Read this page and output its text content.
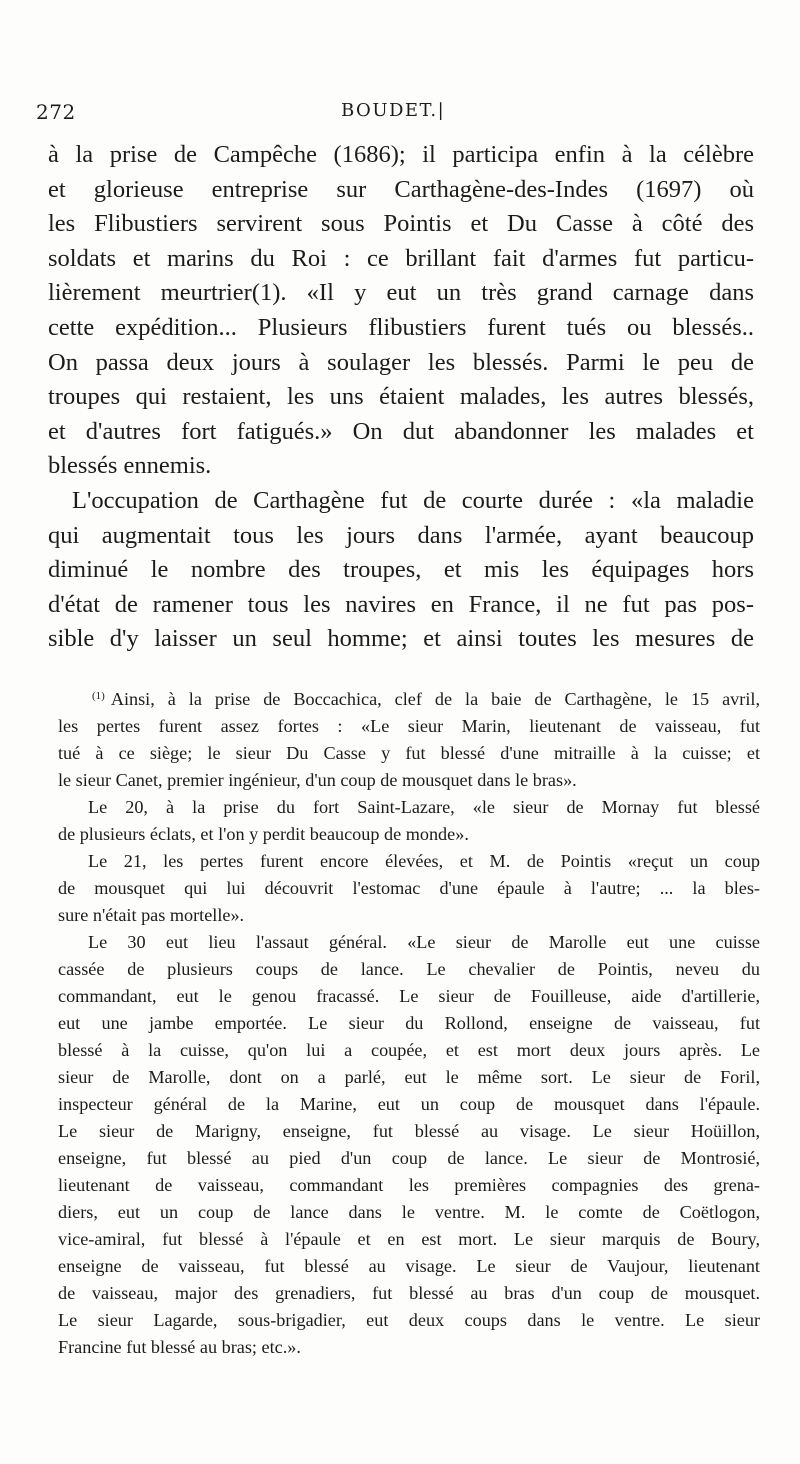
272	BOUDET.|
à la prise de Campêche (1686); il participa enfin à la célèbre
et glorieuse entreprise sur Carthagène-des-Indes (1697) où
les Flibustiers servirent sous Pointis et Du Casse à côté des
soldats et marins du Roi : ce brillant fait d'armes fut particu-
lièrement meurtrier(1). «Il y eut un très grand carnage dans
cette expédition... Plusieurs flibustiers furent tués ou blessés..
On passa deux jours à soulager les blessés. Parmi le peu de
troupes qui restaient, les uns étaient malades, les autres blessés,
et d'autres fort fatigués.» On dut abandonner les malades et
blessés ennemis.
L'occupation de Carthagène fut de courte durée : «la maladie
qui augmentait tous les jours dans l'armée, ayant beaucoup
diminué le nombre des troupes, et mis les équipages hors
d'état de ramener tous les navires en France, il ne fut pas pos-
sible d'y laisser un seul homme; et ainsi toutes les mesures de
$^{(1)}$ Ainsi, à la prise de Boccachica, clef de la baie de Carthagène, le 15 avril,
les pertes furent assez fortes : «Le sieur Marin, lieutenant de vaisseau, fut
tué à ce siège; le sieur Du Casse y fut blessé d'une mitraille à la cuisse; et
le sieur Canet, premier ingénieur, d'un coup de mousquet dans le bras».
Le 20, à la prise du fort Saint-Lazare, «le sieur de Mornay fut blessé
de plusieurs éclats, et l'on y perdit beaucoup de monde».
Le 21, les pertes furent encore élevées, et M. de Pointis «reçut un coup
de mousquet qui lui découvrit l'estomac d'une épaule à l'autre; ... la bles-
sure n'était pas mortelle».
Le 30 eut lieu l'assaut général. «Le sieur de Marolle eut une cuisse
cassée de plusieurs coups de lance. Le chevalier de Pointis, neveu du
commandant, eut le genou fracassé. Le sieur de Fouilleuse, aide d'artillerie,
eut une jambe emportée. Le sieur du Rollond, enseigne de vaisseau, fut
blessé à la cuisse, qu'on lui a coupée, et est mort deux jours après. Le
sieur de Marolle, dont on a parlé, eut le même sort. Le sieur de Foril,
inspecteur général de la Marine, eut un coup de mousquet dans l'épaule.
Le sieur de Marigny, enseigne, fut blessé au visage. Le sieur Hoüillon,
enseigne, fut blessé au pied d'un coup de lance. Le sieur de Montrosié,
lieutenant de vaisseau, commandant les premières compagnies des grena-
diers, eut un coup de lance dans le ventre. M. le comte de Coëtlogon,
vice-amiral, fut blessé à l'épaule et en est mort. Le sieur marquis de Boury,
enseigne de vaisseau, fut blessé au visage. Le sieur de Vaujour, lieutenant
de vaisseau, major des grenadiers, fut blessé au bras d'un coup de mousquet.
Le sieur Lagarde, sous-brigadier, eut deux coups dans le ventre. Le sieur
Francine fut blessé au bras; etc.».
